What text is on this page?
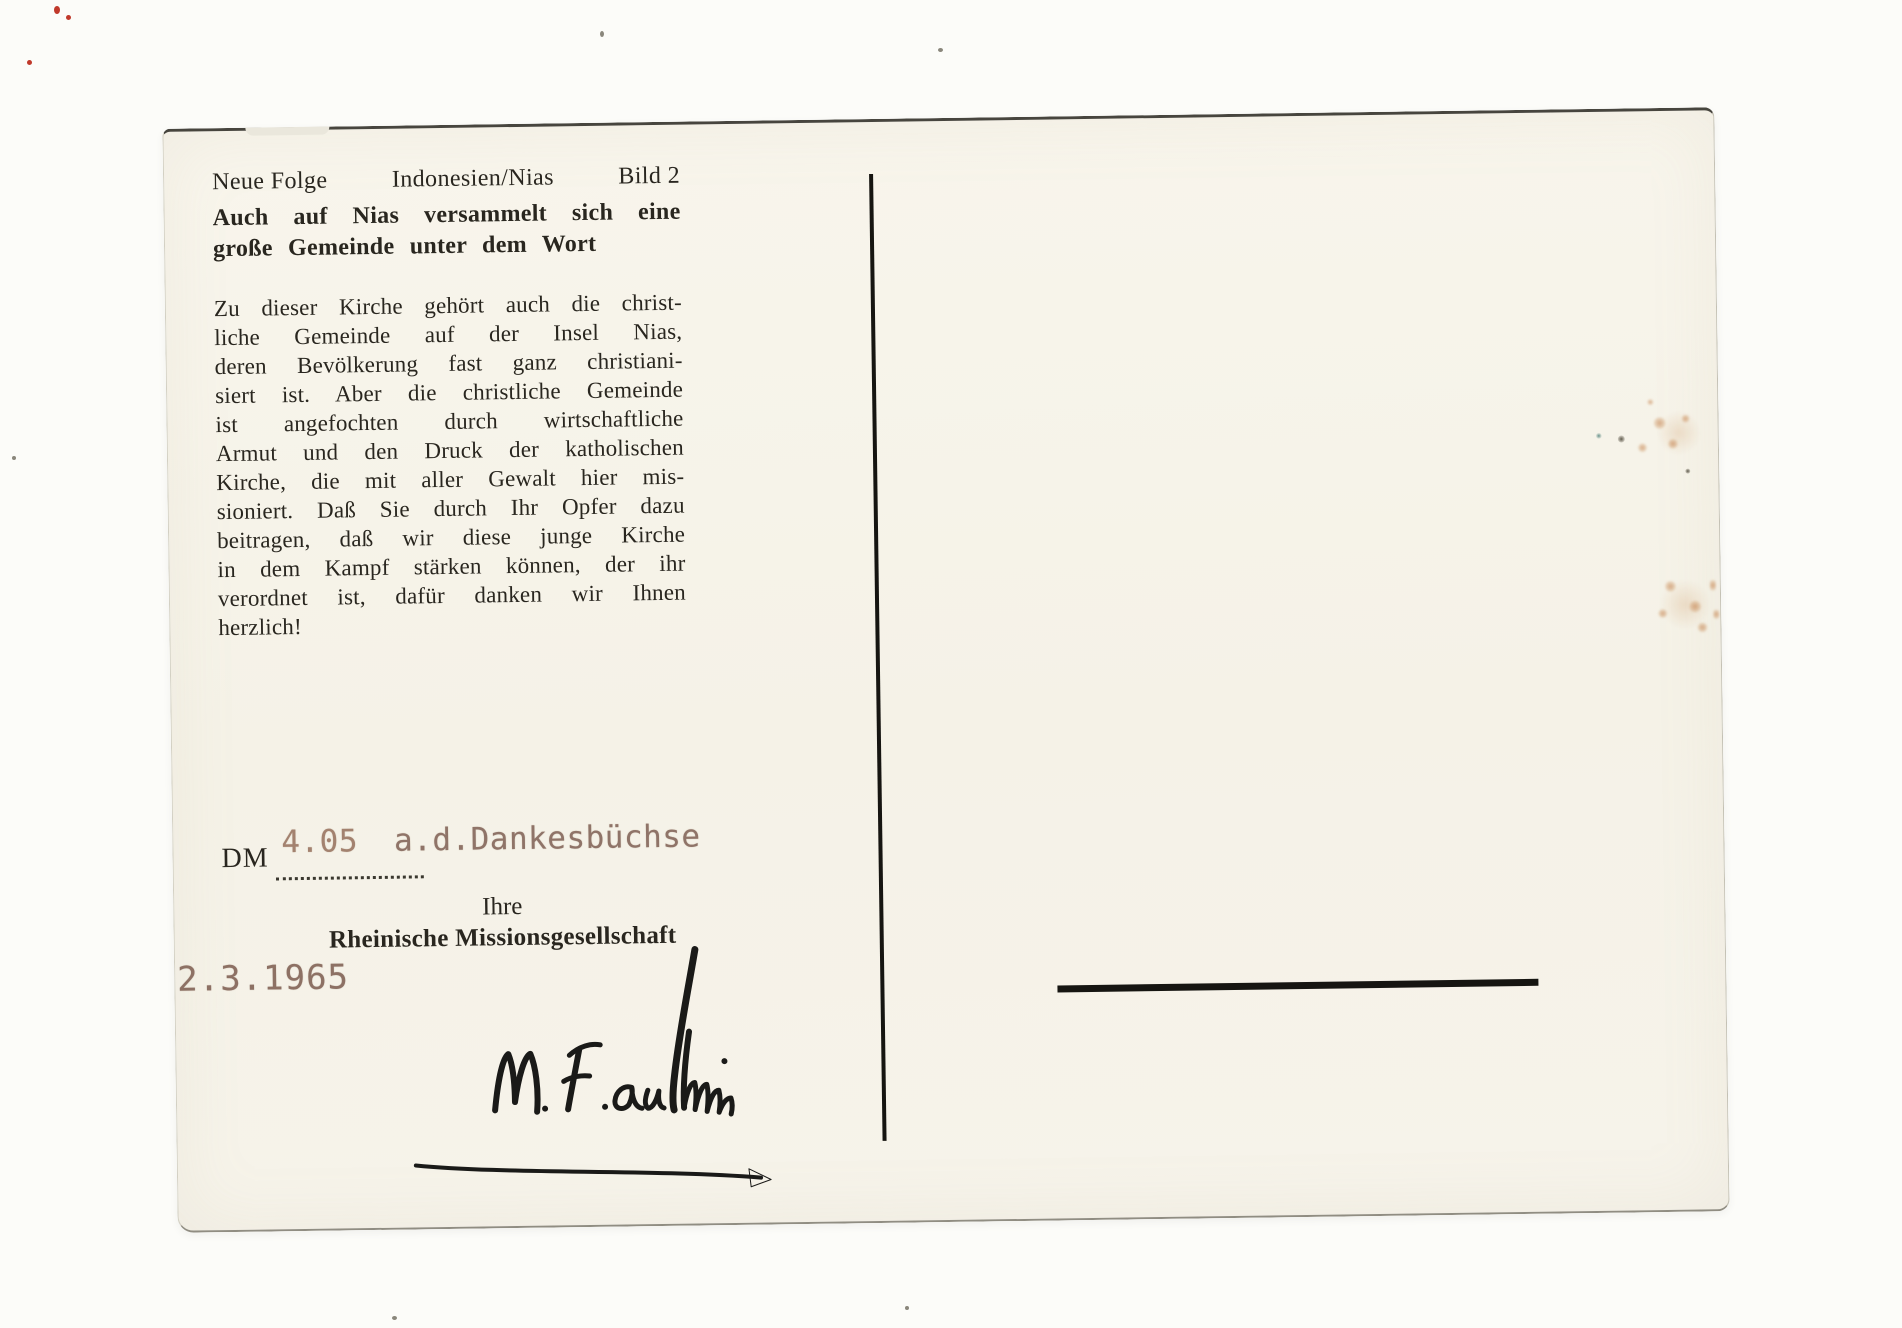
Neue Folge	Indonesien/Nias	Bild 2
Auch auf Nias versammelt sich eine
große Gemeinde unter dem Wort
Zu dieser Kirche gehört auch die christ-
liche Gemeinde auf der Insel Nias,
deren Bevölkerung fast ganz christiani-
siert ist. Aber die christliche Gemeinde
ist angefochten durch wirtschaftliche
Armut und den Druck der katholischen
Kirche, die mit aller Gewalt hier mis-
sioniert. Daß Sie durch Ihr Opfer dazu
beitragen, daß wir diese junge Kirche
in dem Kampf stärken können, der ihr
verordnet ist, dafür danken wir Ihnen
herzlich!
DM 4.05 a.d.Dankesbüchse
Ihre
Rheinische Missionsgesellschaft
2.3.1965
